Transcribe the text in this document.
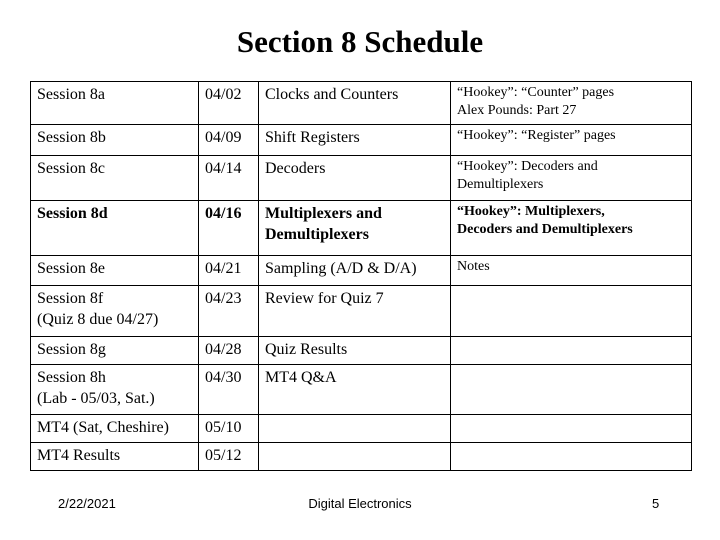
Section 8 Schedule
Session 8a	04/02	Clocks and Counters	“Hookey”: “Counter” pages
Alex Pounds: Part 27
Session 8b	04/09	Shift Registers	“Hookey”: “Register” pages
Session 8c	04/14	Decoders	“Hookey”: Decoders and
Demultiplexers
Session 8d	04/16	Multiplexers and
Demultiplexers	“Hookey”: Multiplexers,
Decoders and Demultiplexers
Session 8e	04/21	Sampling (A/D & D/A)	Notes
Session 8f
(Quiz 8 due 04/27)	04/23	Review for Quiz 7	
Session 8g	04/28	Quiz Results	
Session 8h
(Lab - 05/03, Sat.)	04/30	MT4 Q&A	
MT4 (Sat, Cheshire)	05/10		
MT4 Results	05/12		
2/22/2021	Digital Electronics	5
